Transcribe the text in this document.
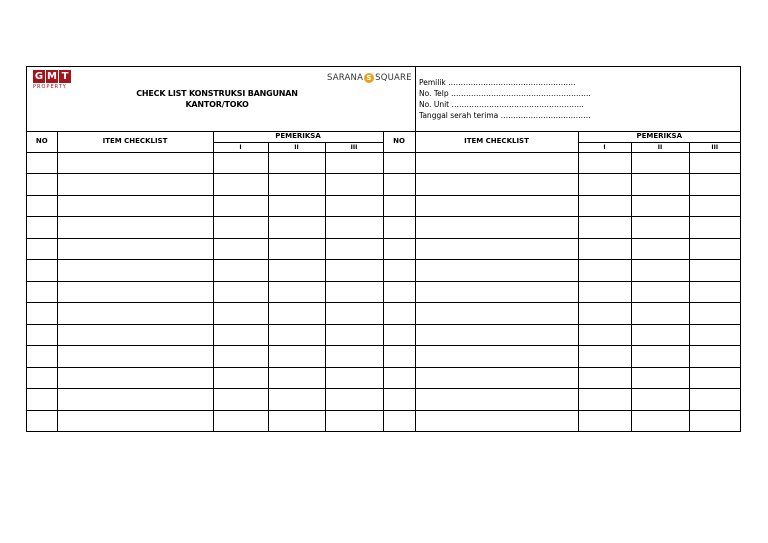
G M T
PROPERTY
CHECK LIST KONSTRUKSI BANGUNAN
KANTOR/TOKO
SARANA S SQUARE Pemilik ……………………………………………
No. Telp ………………………………………………..
No. Unit ……………………………………………..
Tanggal serah terima ………………………………
NO	ITEM CHECKLIST	PEMERIKSA			NO	ITEM CHECKLIST	PEMERIKSA		
		I	II	III			I	II	III
